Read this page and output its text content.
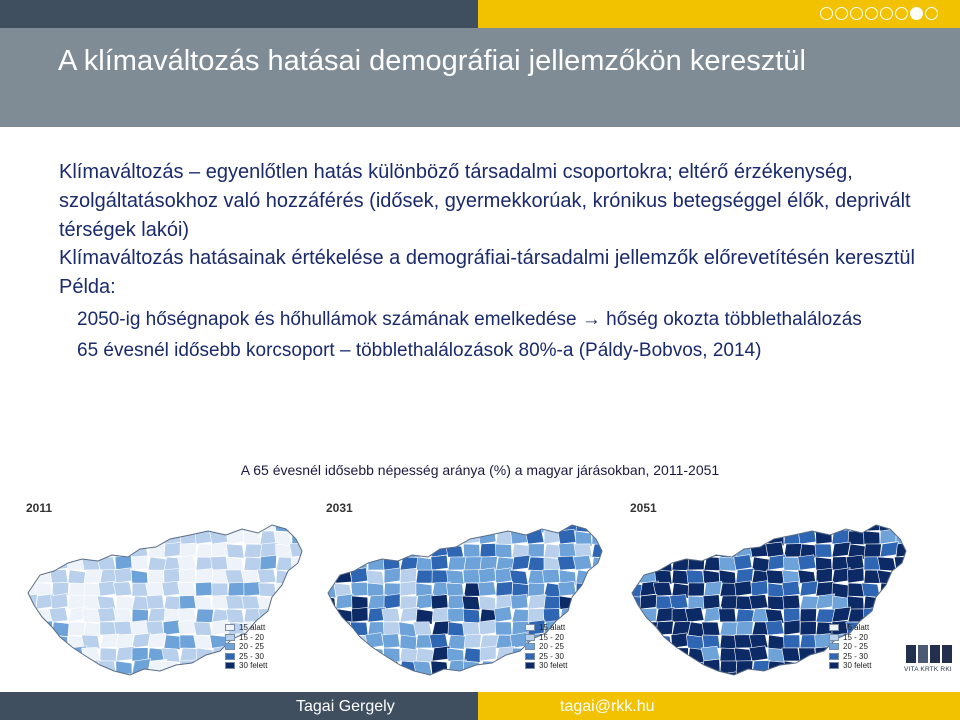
A klímaváltozás hatásai demográfiai jellemzőkön keresztül
Klímaváltozás – egyenlőtlen hatás különböző társadalmi csoportokra; eltérő érzékenység, szolgáltatásokhoz való hozzáférés (idősek, gyermekkorúak, krónikus betegséggel élők, deprivált térségek lakói)
Klímaváltozás hatásainak értékelése a demográfiai-társadalmi jellemzők előrevetítésén keresztül
Példa:
2050-ig hőségnapok és hőhullámok számának emelkedése → hőség okozta többlethalálozás
65 évesnél idősebb korcsoport – többlethalálozások 80%-a (Páldy-Bobvos, 2014)
A 65 évesnél idősebb népesség aránya (%) a magyar járásokban, 2011-2051
2011
15 alatt
15 - 20
20 - 25
25 - 30
30 felett
2031
15 alatt
15 - 20
20 - 25
25 - 30
30 felett
2051
15 alatt
15 - 20
20 - 25
25 - 30
30 felett	VITA KRTK RKI
Tagai Gergely	tagai@rkk.hu
